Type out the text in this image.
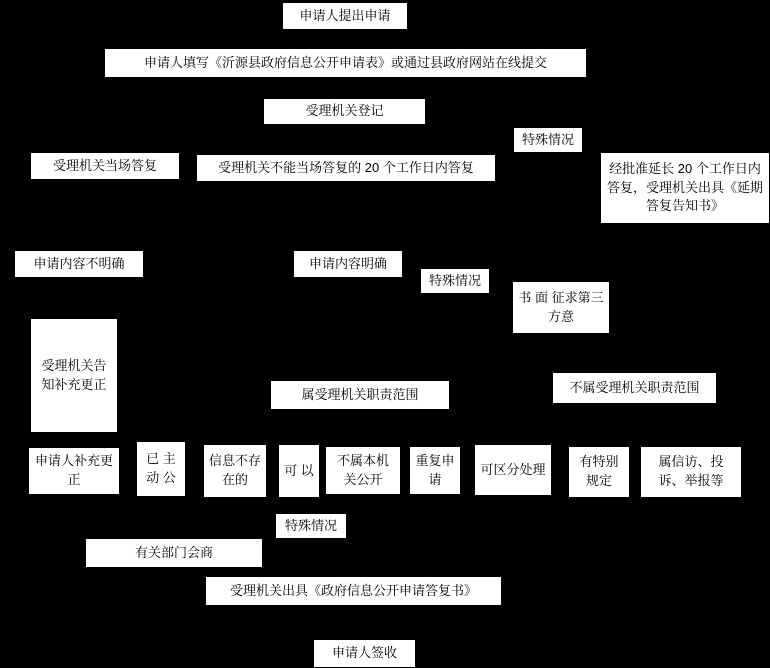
申请人提出申请
申请人填写《沂源县政府信息公开申请表》或通过县政府网站在线提交
受理机关登记
特殊情况
受理机关当场答复	受理机关不能当场答复的 20 个工作日内答复	经批准延长 20 个工作日内答复，受理机关出具《延期答复告知书》
申请内容不明确	申请内容明确
特殊情况
书 面 征求第三方意
受理机关告知补充更正
属受理机关职责范围	不属受理机关职责范围
申请人补充更正
已 主动 公
信息不存在的
可 以
不属本机关公开
重复申请
可区分处理	有特别规定
属信访、投诉、举报等
特殊情况
有关部门会商
受理机关出具《政府信息公开申请答复书》
申请人签收
